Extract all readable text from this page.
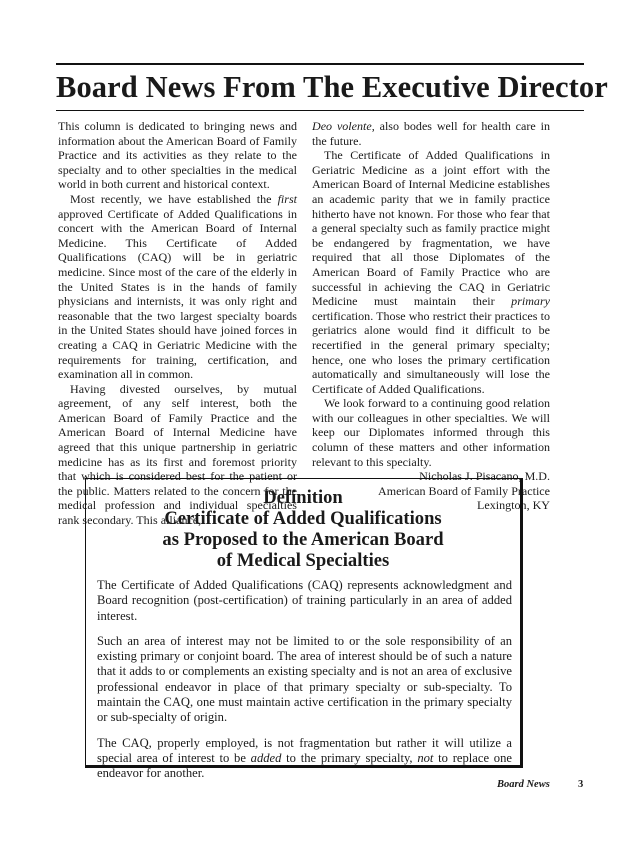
Board News From The Executive Director

This column is dedicated to bringing news and information about the American Board of Family Practice and its activities as they relate to the specialty and to other specialties in the medical world in both current and historical context.

Most recently, we have established the first approved Certificate of Added Qualifications in concert with the American Board of Internal Medicine. This Certificate of Added Qualifications (CAQ) will be in geriatric medicine. Since most of the care of the elderly in the United States is in the hands of family physicians and internists, it was only right and reasonable that the two largest specialty boards in the United States should have joined forces in creating a CAQ in Geriatric Medicine with the requirements for training, certification, and examination all in common.

Having divested ourselves, by mutual agreement, of any self interest, both the American Board of Family Practice and the American Board of Internal Medicine have agreed that this unique partnership in geriatric medicine has as its first and foremost priority that which is considered best for the patient or the public. Matters related to the concern for the medical profession and individual specialties rank secondary. This alliance,

Deo volente, also bodes well for health care in the future.

The Certificate of Added Qualifications in Geriatric Medicine as a joint effort with the American Board of Internal Medicine establishes an academic parity that we in family practice hitherto have not known. For those who fear that a general specialty such as family practice might be endangered by fragmentation, we have required that all those Diplomates of the American Board of Family Practice who are successful in achieving the CAQ in Geriatric Medicine must maintain their primary certification. Those who restrict their practices to geriatrics alone would find it difficult to be recertified in the general primary specialty; hence, one who loses the primary certification automatically and simultaneously will lose the Certificate of Added Qualifications.

We look forward to a continuing good relation with our colleagues in other specialties. We will keep our Diplomates informed through this column of these matters and other information relevant to this specialty.

Nicholas J. Pisacano, M.D.

American Board of Family Practice

Lexington, KY

Definition
Certificate of Added Qualifications
as Proposed to the American Board
of Medical Specialties

The Certificate of Added Qualifications (CAQ) represents acknowledgment and Board recognition (post-certification) of training particularly in an area of added interest.

Such an area of interest may not be limited to or the sole responsibility of an existing primary or conjoint board. The area of interest should be of such a nature that it adds to or complements an existing specialty and is not an area of exclusive professional endeavor in place of that primary specialty or sub-specialty. To maintain the CAQ, one must maintain active certification in the primary specialty or sub-specialty of origin.

The CAQ, properly employed, is not fragmentation but rather it will utilize a special area of interest to be added to the primary specialty, not to replace one endeavor for another.

Board News	3
